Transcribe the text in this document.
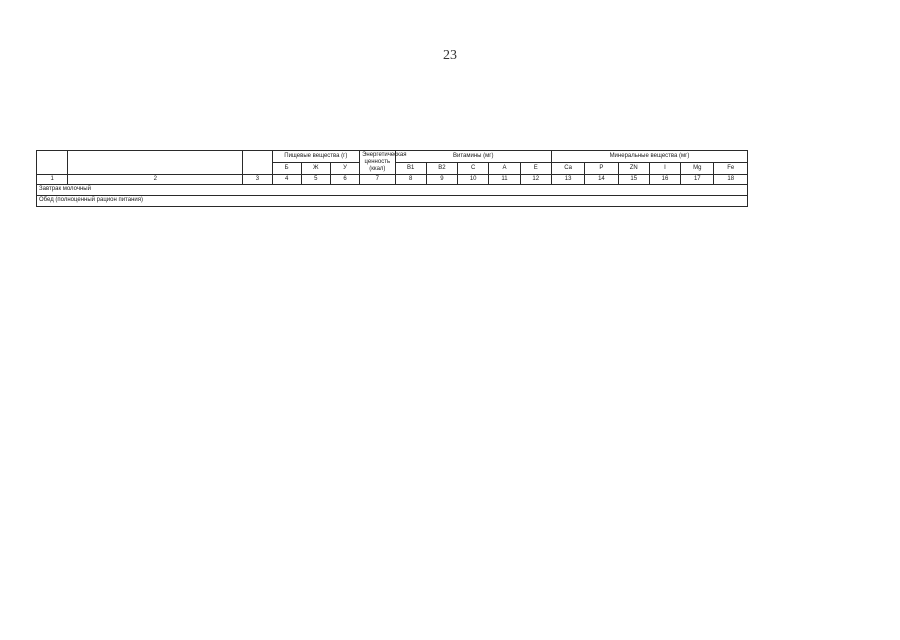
23
			Пищевые вещества (г)			Энергетическая ценность (ккал)	Витамины (мг)					Минеральные вещества (мг)					
			Б	Ж	У		B1	B2	C	A	E	Ca	P	ZN	I	Mg	Fe
1	2	3	4	5	6	7	8	9	10	11	12	13	14	15	16	17	18
Завтрак молочный																	
Обед (полноценный рацион питания)																	
